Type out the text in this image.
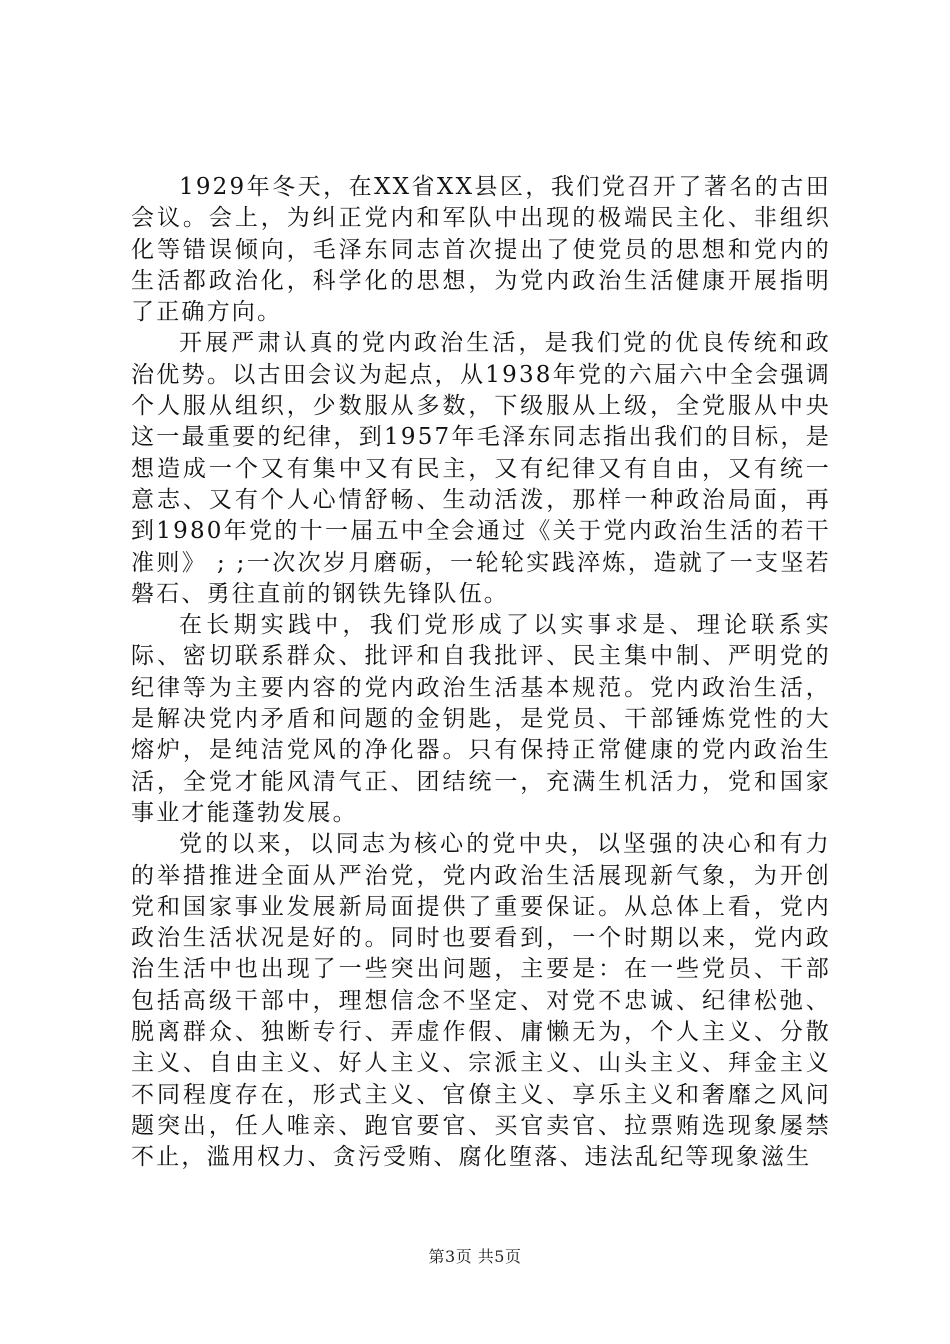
1929年冬天，在XX省XX县区，我们党召开了著名的古田会议。会上，为纠正党内和军队中出现的极端民主化、非组织化等错误倾向，毛泽东同志首次提出了使党员的思想和党内的生活都政治化，科学化的思想，为党内政治生活健康开展指明了正确方向。

开展严肃认真的党内政治生活，是我们党的优良传统和政治优势。以古田会议为起点，从1938年党的六届六中全会强调个人服从组织，少数服从多数，下级服从上级，全党服从中央这一最重要的纪律，到1957年毛泽东同志指出我们的目标，是想造成一个又有集中又有民主，又有纪律又有自由，又有统一意志、又有个人心情舒畅、生动活泼，那样一种政治局面，再到1980年党的十一届五中全会通过《关于党内政治生活的若干准则》 ; ;一次次岁月磨砺，一轮轮实践淬炼，造就了一支坚若磐石、勇往直前的钢铁先锋队伍。

在长期实践中，我们党形成了以实事求是、理论联系实际、密切联系群众、批评和自我批评、民主集中制、严明党的纪律等为主要内容的党内政治生活基本规范。党内政治生活，是解决党内矛盾和问题的金钥匙，是党员、干部锤炼党性的大熔炉，是纯洁党风的净化器。只有保持正常健康的党内政治生活，全党才能风清气正、团结统一，充满生机活力，党和国家事业才能蓬勃发展。

党的以来，以同志为核心的党中央，以坚强的决心和有力的举措推进全面从严治党，党内政治生活展现新气象，为开创党和国家事业发展新局面提供了重要保证。从总体上看，党内政治生活状况是好的。同时也要看到，一个时期以来，党内政治生活中也出现了一些突出问题，主要是：在一些党员、干部包括高级干部中，理想信念不坚定、对党不忠诚、纪律松弛、脱离群众、独断专行、弄虚作假、庸懒无为，个人主义、分散主义、自由主义、好人主义、宗派主义、山头主义、拜金主义不同程度存在，形式主义、官僚主义、享乐主义和奢靡之风问题突出，任人唯亲、跑官要官、买官卖官、拉票贿选现象屡禁不止，滥用权力、贪污受贿、腐化堕落、违法乱纪等现象滋生

第3页 共5页
